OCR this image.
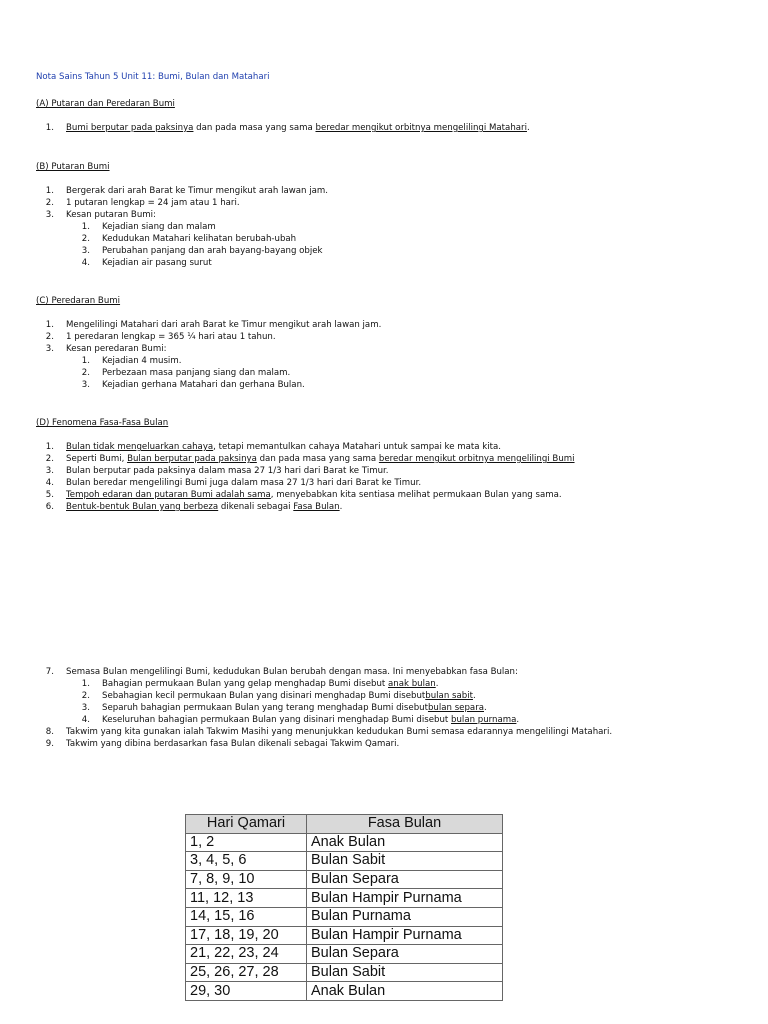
Nota Sains Tahun 5 Unit 11: Bumi, Bulan dan Matahari
(A) Putaran dan Peredaran Bumi
1. Bumi berputar pada paksinya dan pada masa yang sama beredar mengikut orbitnya mengelilingi Matahari.
(B) Putaran Bumi
1. Bergerak dari arah Barat ke Timur mengikut arah lawan jam.
2. 1 putaran lengkap = 24 jam atau 1 hari.
3. Kesan putaran Bumi:
1. Kejadian siang dan malam
2. Kedudukan Matahari kelihatan berubah-ubah
3. Perubahan panjang dan arah bayang-bayang objek
4. Kejadian air pasang surut
(C) Peredaran Bumi
1. Mengelilingi Matahari dari arah Barat ke Timur mengikut arah lawan jam.
2. 1 peredaran lengkap = 365 ¼ hari atau 1 tahun.
3. Kesan peredaran Bumi:
1. Kejadian 4 musim.
2. Perbezaan masa panjang siang dan malam.
3. Kejadian gerhana Matahari dan gerhana Bulan.
(D) Fenomena Fasa-Fasa Bulan
1. Bulan tidak mengeluarkan cahaya, tetapi memantulkan cahaya Matahari untuk sampai ke mata kita.
2. Seperti Bumi, Bulan berputar pada paksinya dan pada masa yang sama beredar mengikut orbitnya mengelilingi Bumi
3. Bulan berputar pada paksinya dalam masa 27 1/3 hari dari Barat ke Timur.
4. Bulan beredar mengelilingi Bumi juga dalam masa 27 1/3 hari dari Barat ke Timur.
5. Tempoh edaran dan putaran Bumi adalah sama, menyebabkan kita sentiasa melihat permukaan Bulan yang sama.
6. Bentuk-bentuk Bulan yang berbeza dikenali sebagai Fasa Bulan.
7. Semasa Bulan mengelilingi Bumi, kedudukan Bulan berubah dengan masa. Ini menyebabkan fasa Bulan:
1. Bahagian permukaan Bulan yang gelap menghadap Bumi disebut anak bulan.
2. Sebahagian kecil permukaan Bulan yang disinari menghadap Bumi disebutbulan sabit.
3. Separuh bahagian permukaan Bulan yang terang menghadap Bumi disebutbulan separa.
4. Keseluruhan bahagian permukaan Bulan yang disinari menghadap Bumi disebut bulan purnama.
8. Takwim yang kita gunakan ialah Takwim Masihi yang menunjukkan kedudukan Bumi semasa edarannya mengelilingi Matahari.
9. Takwim yang dibina berdasarkan fasa Bulan dikenali sebagai Takwim Qamari.
Hari Qamari	Fasa Bulan
1, 2	Anak Bulan
3, 4, 5, 6	Bulan Sabit
7, 8, 9, 10	Bulan Separa
11, 12, 13	Bulan Hampir Purnama
14, 15, 16	Bulan Purnama
17, 18, 19, 20	Bulan Hampir Purnama
21, 22, 23, 24	Bulan Separa
25, 26, 27, 28	Bulan Sabit
29, 30	Anak Bulan
